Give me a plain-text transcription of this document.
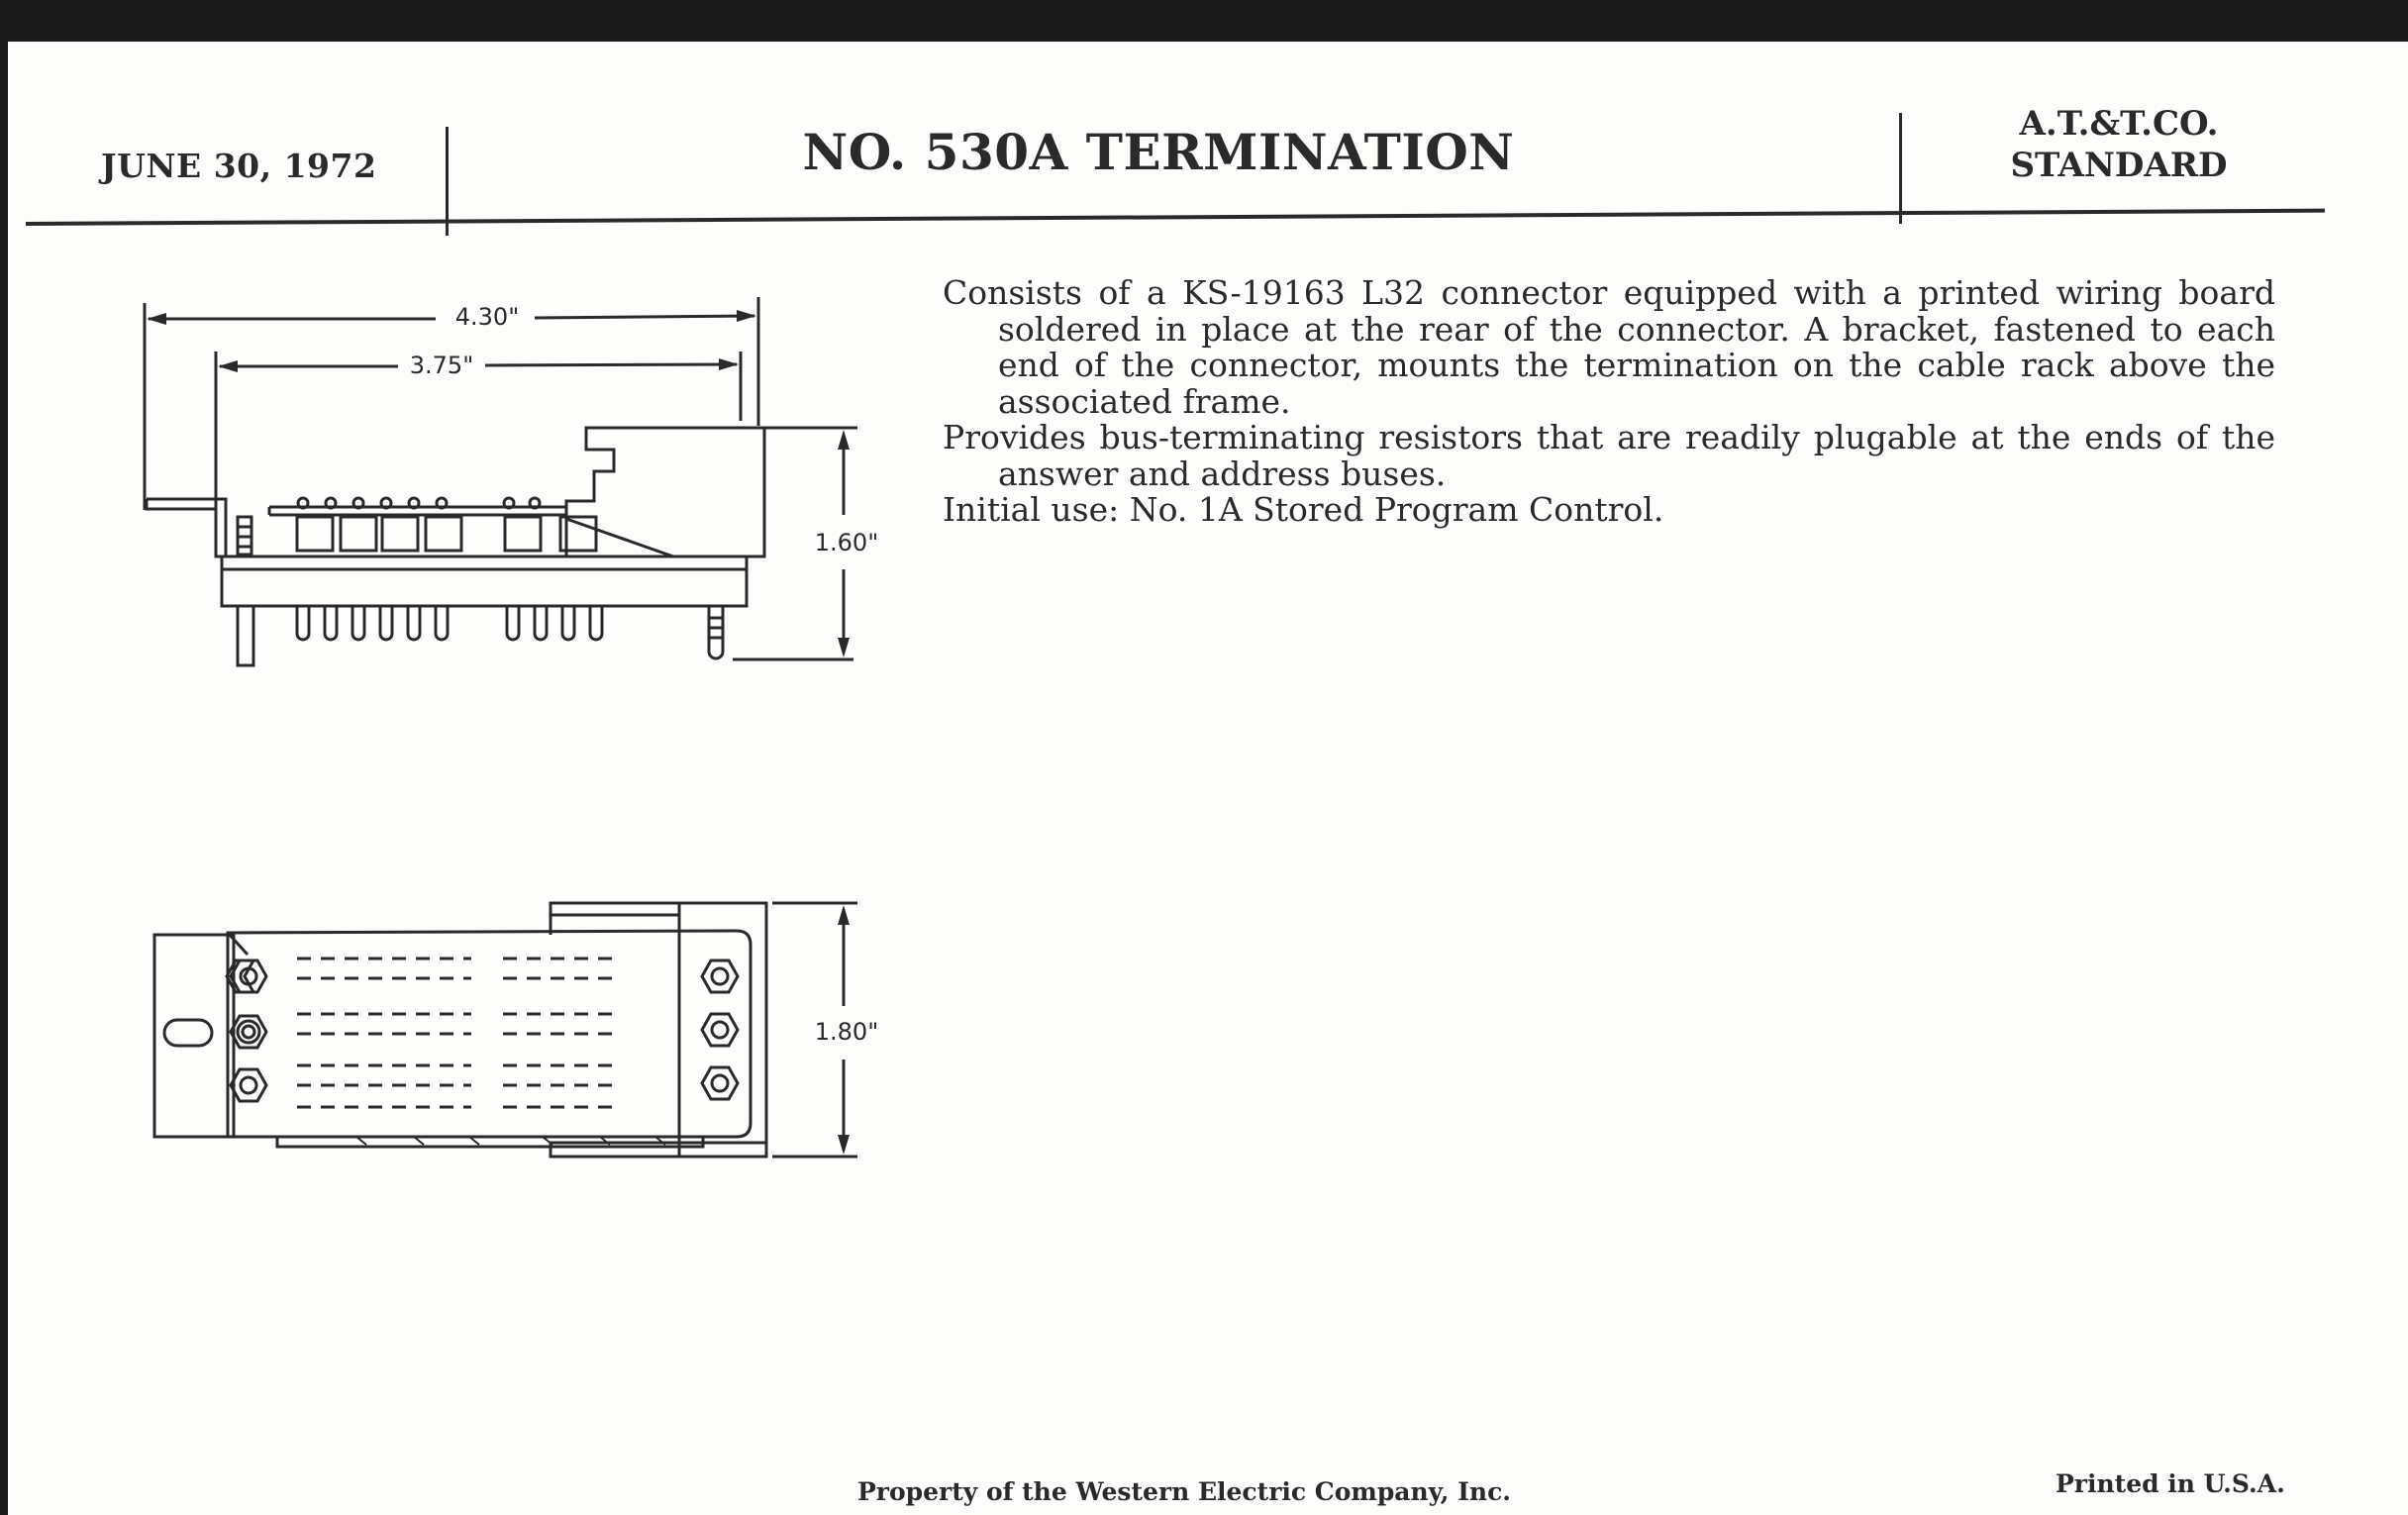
JUNE 30, 1972	NO. 530A TERMINATION	A.T.&T.CO.
STANDARD

Consists of a KS-19163 L32 connector equipped with a printed wiring board soldered in place at the rear of the connector. A bracket, fastened to each end of the connector, mounts the termination on the cable rack above the associated frame.

Provides bus-terminating resistors that are readily plugable at the ends of the answer and address buses.

Initial use: No. 1A Stored Program Control.

4.30"
3.75"
1.60"
1.80"
Property of the Western Electric Company, Inc.	Printed in U.S.A.
